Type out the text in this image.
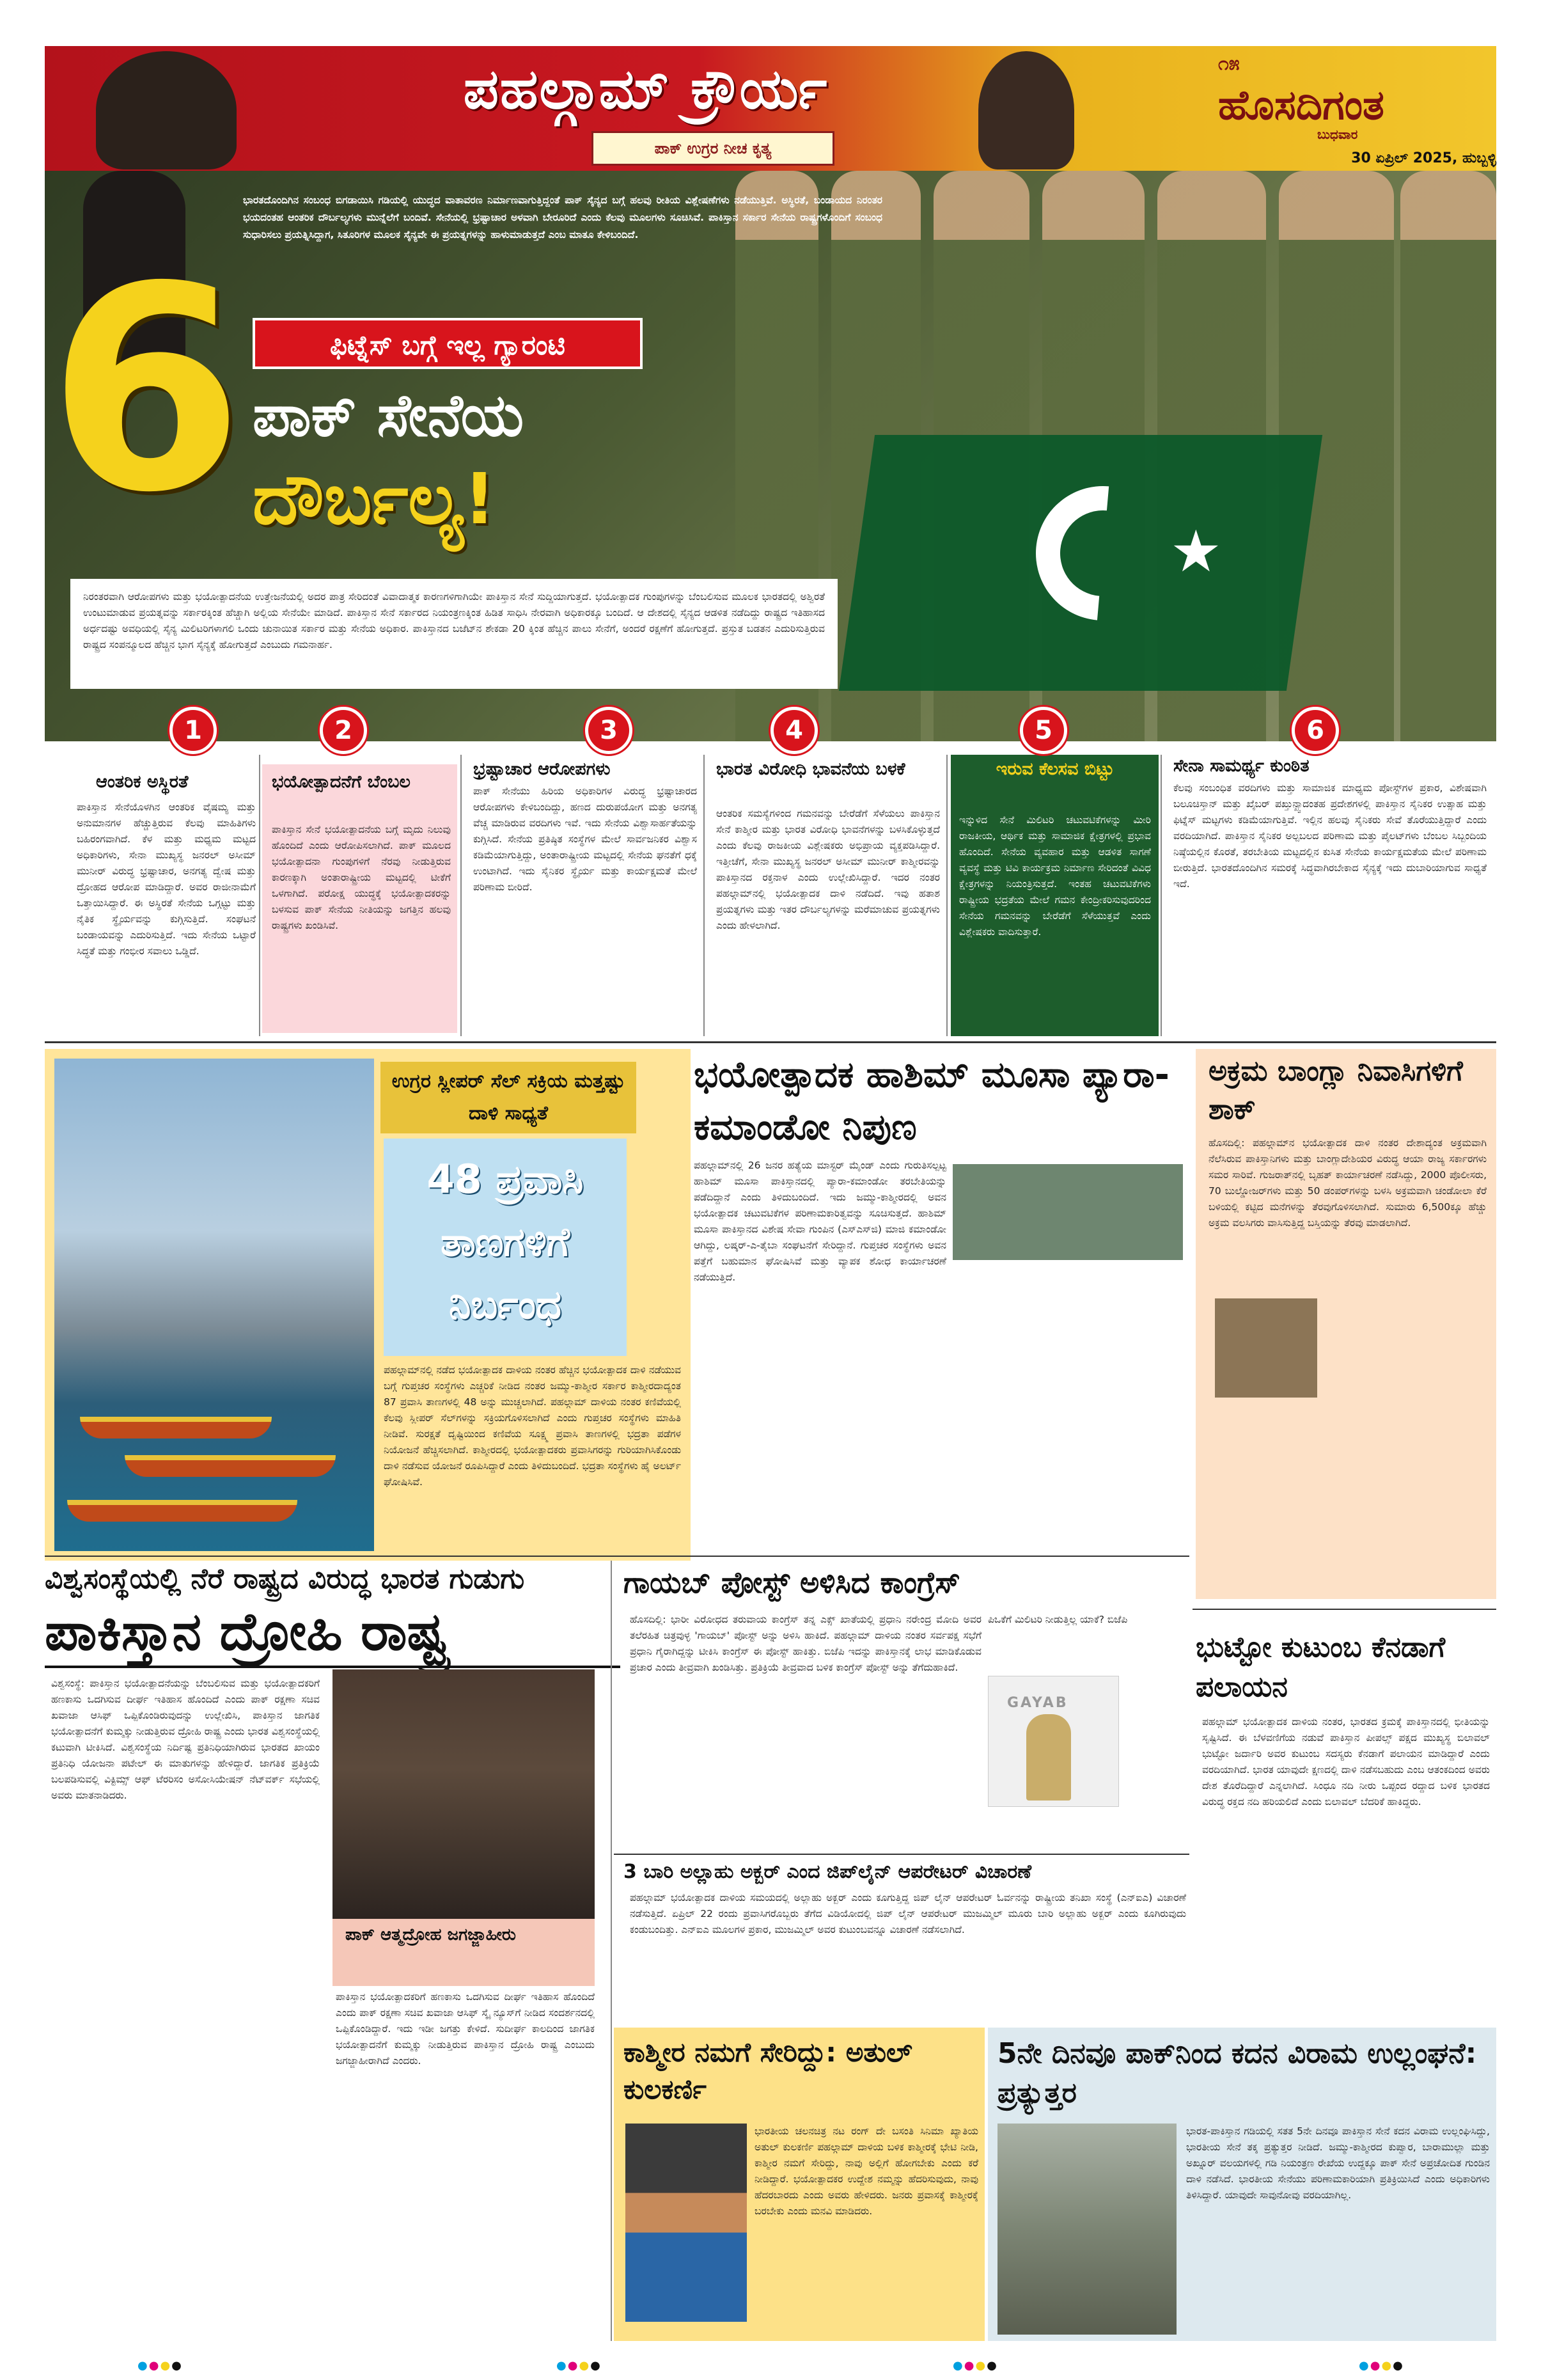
ಪಹಲ್ಗಾಮ್ ಕ್ರೌರ್ಯ
ಪಾಕ್ ಉಗ್ರರ ನೀಚ ಕೃತ್ಯ
೧೫
ಹೊಸದಿಗಂತ
ಬುಧವಾರ
30 ಏಪ್ರಿಲ್ 2025, ಹುಬ್ಬಳ್ಳಿ
★
ಭಾರತದೊಂದಿಗಿನ ಸಂಬಂಧ ಬಿಗಡಾಯಿಸಿ ಗಡಿಯಲ್ಲಿ ಯುದ್ಧದ ವಾತಾವರಣ ನಿರ್ಮಾಣವಾಗುತ್ತಿದ್ದಂತೆ ಪಾಕ್ ಸೈನ್ಯದ ಬಗ್ಗೆ ಹಲವು ರೀತಿಯ ವಿಶ್ಲೇಷಣೆಗಳು ನಡೆಯುತ್ತಿವೆ. ಅಸ್ಥಿರತೆ, ಬಂಡಾಯದ ನಿರಂತರ ಭಯದಂತಹ ಆಂತರಿಕ ದೌರ್ಬಲ್ಯಗಳು ಮುನ್ನೆಲೆಗೆ ಬಂದಿವೆ. ಸೇನೆಯಲ್ಲಿ ಭ್ರಷ್ಟಾಚಾರ ಅಳವಾಗಿ ಬೇರೂರಿದೆ ಎಂದು ಕೆಲವು ಮೂಲಗಳು ಸೂಚಿಸಿವೆ. ಪಾಕಿಸ್ತಾನ ಸರ್ಕಾರ ಸೇನೆಯ ರಾಷ್ಟ್ರಗಳೊಂದಿಗೆ ಸಂಬಂಧ ಸುಧಾರಿಸಲು ಪ್ರಯತ್ನಿಸಿದ್ದಾಗ, ಸಿತೂರಿಗಳ ಮೂಲಕ ಸೈನ್ಯವೇ ಈ ಪ್ರಯತ್ನಗಳನ್ನು ಹಾಳುಮಾಡುತ್ತದೆ ಎಂಬ ಮಾತೂ ಕೇಳಿಬಂದಿದೆ.
6	ಫಿಟ್ನೆಸ್ ಬಗ್ಗೆ ಇಲ್ಲ ಗ್ಯಾರಂಟಿ
ಪಾಕ್ ಸೇನೆಯ
ದೌರ್ಬಲ್ಯ!
ನಿರಂತರವಾಗಿ ಆರೋಪಗಳು ಮತ್ತು ಭಯೋತ್ಪಾದನೆಯ ಉತ್ತೇಜನೆಯಲ್ಲಿ ಅದರ ಪಾತ್ರ ಸೇರಿದಂತೆ ವಿವಾದಾತ್ಮಕ ಕಾರಣಗಳಿಗಾಗಿಯೇ ಪಾಕಿಸ್ತಾನ ಸೇನೆ ಸುದ್ದಿಯಾಗುತ್ತದೆ. ಭಯೋತ್ಪಾದಕ ಗುಂಪುಗಳನ್ನು ಬೆಂಬಲಿಸುವ ಮೂಲಕ ಭಾರತದಲ್ಲಿ ಅಶ್ವಿರತೆ ಉಂಟುಮಾಡುವ ಪ್ರಯತ್ನವನ್ನು ಸರ್ಕಾರಕ್ಕಿಂತ ಹೆಚ್ಚಾಗಿ ಅಲ್ಲಿಯ ಸೇನೆಯೇ ಮಾಡಿದೆ. ಪಾಕಿಸ್ತಾನ ಸೇನೆ ಸರ್ಕಾರದ ನಿಯಂತ್ರಣಕ್ಕಿಂತ ಹಿಡಿತ ಸಾಧಿಸಿ ನೇರವಾಗಿ ಅಧಿಕಾರಕ್ಕೂ ಬಂದಿದೆ. ಆ ದೇಶದಲ್ಲಿ ಸೈನ್ಯದ ಆಡಳಿತ ನಡೆದಿದ್ದು ರಾಷ್ಟ್ರದ ಇತಿಹಾಸದ ಅರ್ಧದಷ್ಟು ಅವಧಿಯಲ್ಲಿ ಸೈನ್ಯ ಮಿಲಿಟರಿಗಳಾಗಲಿ ಒಂದು ಚುನಾಯಿತ ಸರ್ಕಾರ ಮತ್ತು ಸೇನೆಯ ಅಧಿಕಾರ. ಪಾಕಿಸ್ತಾನದ ಬಜೆಟ್‌ನ ಶೇಕಡಾ 20 ಕ್ಕಿಂತ ಹೆಚ್ಚಿನ ಪಾಲು ಸೇನೆಗೆ, ಅಂದರೆ ರಕ್ಷಣೆಗೆ ಹೋಗುತ್ತದೆ. ಪ್ರಸ್ತುತ ಬಡತನ ಎದುರಿಸುತ್ತಿರುವ ರಾಷ್ಟ್ರದ ಸಂಪನ್ಮೂಲದ ಹೆಚ್ಚಿನ ಭಾಗ ಸೈನ್ಯಕ್ಕೆ ಹೋಗುತ್ತದೆ ಎಂಬುದು ಗಮನಾರ್ಹ.
1	2	3	4	5	6
ಆಂತರಿಕ ಅಸ್ಥಿರತೆ
ಪಾಕಿಸ್ತಾನ ಸೇನೆಯೊಳಗಿನ ಆಂತರಿಕ ವೈಷಮ್ಯ ಮತ್ತು ಅನುಮಾನಗಳ ಹೆಚ್ಚುತ್ತಿರುವ ಕೆಲವು ಮಾಹಿತಿಗಳು ಬಹಿರಂಗವಾಗಿದೆ. ಕೆಳ ಮತ್ತು ಮಧ್ಯಮ ಮಟ್ಟದ ಅಧಿಕಾರಿಗಳು, ಸೇನಾ ಮುಖ್ಯಸ್ಥ ಜನರಲ್ ಅಸೀಮ್ ಮುನೀರ್ ವಿರುದ್ಧ ಭ್ರಷ್ಟಾಚಾರ, ಅನಗತ್ಯ ದ್ವೇಷ ಮತ್ತು ದ್ರೋಹದ ಆರೋಪ ಮಾಡಿದ್ದಾರೆ. ಅವರ ರಾಜೀನಾಮೆಗೆ ಒತ್ತಾಯಿಸಿದ್ದಾರೆ. ಈ ಅಸ್ಥಿರತೆ ಸೇನೆಯ ಒಗ್ಗಟ್ಟು ಮತ್ತು ನೈತಿಕ ಸ್ಥೈರ್ಯವನ್ನು ಕುಗ್ಗಿಸುತ್ತಿದೆ. ಸಂಘಟನೆ ಬಂಡಾಯವನ್ನು ಎದುರಿಸುತ್ತಿದೆ. ಇದು ಸೇನೆಯ ಒಟ್ಟಾರೆ ಸಿದ್ಧತೆ ಮತ್ತು ಗಂಭೀರ ಸವಾಲು ಒಡ್ಡಿದೆ.
ಭಯೋತ್ಪಾದನೆಗೆ ಬೆಂಬಲ
ಪಾಕಿಸ್ತಾನ ಸೇನೆ ಭಯೋತ್ಪಾದನೆಯ ಬಗ್ಗೆ ಮೃದು ನಿಲುವು ಹೊಂದಿದೆ ಎಂದು ಆರೋಪಿಸಲಾಗಿದೆ. ಪಾಕ್ ಮೂಲದ ಭಯೋತ್ಪಾದನಾ ಗುಂಪುಗಳಿಗೆ ನೆರವು ನೀಡುತ್ತಿರುವ ಕಾರಣಕ್ಕಾಗಿ ಅಂತಾರಾಷ್ಟ್ರೀಯ ಮಟ್ಟದಲ್ಲಿ ಟೀಕೆಗೆ ಒಳಗಾಗಿದೆ. ಪರೋಕ್ಷ ಯುದ್ಧಕ್ಕೆ ಭಯೋತ್ಪಾದಕರನ್ನು ಬಳಸುವ ಪಾಕ್ ಸೇನೆಯ ನೀತಿಯನ್ನು ಜಗತ್ತಿನ ಹಲವು ರಾಷ್ಟ್ರಗಳು ಖಂಡಿಸಿವೆ.
ಭ್ರಷ್ಟಾಚಾರ ಆರೋಪಗಳು
ಪಾಕ್ ಸೇನೆಯು ಹಿರಿಯ ಅಧಿಕಾರಿಗಳ ವಿರುದ್ಧ ಭ್ರಷ್ಟಾಚಾರದ ಆರೋಪಗಳು ಕೇಳಿಬಂದಿದ್ದು, ಹಣದ ದುರುಪಯೋಗ ಮತ್ತು ಅನಗತ್ಯ ವೆಚ್ಚ ಮಾಡಿರುವ ವರದಿಗಳು ಇವೆ. ಇದು ಸೇನೆಯ ವಿಶ್ವಾಸಾರ್ಹತೆಯನ್ನು ಕುಗ್ಗಿಸಿದೆ. ಸೇನೆಯ ಪ್ರತಿಷ್ಠಿತ ಸಂಸ್ಥೆಗಳ ಮೇಲೆ ಸಾರ್ವಜನಿಕರ ವಿಶ್ವಾಸ ಕಡಿಮೆಯಾಗುತ್ತಿದ್ದು, ಅಂತಾರಾಷ್ಟ್ರೀಯ ಮಟ್ಟದಲ್ಲಿ ಸೇನೆಯ ಘನತೆಗೆ ಧಕ್ಕೆ ಉಂಟಾಗಿದೆ. ಇದು ಸೈನಿಕರ ಸ್ಥೈರ್ಯ ಮತ್ತು ಕಾರ್ಯಕ್ಷಮತೆ ಮೇಲೆ ಪರಿಣಾಮ ಬೀರಿದೆ.
ಭಾರತ ವಿರೋಧಿ ಭಾವನೆಯ ಬಳಕೆ
ಆಂತರಿಕ ಸಮಸ್ಯೆಗಳಿಂದ ಗಮನವನ್ನು ಬೇರೆಡೆಗೆ ಸೆಳೆಯಲು ಪಾಕಿಸ್ತಾನ ಸೇನೆ ಕಾಶ್ಮೀರ ಮತ್ತು ಭಾರತ ವಿರೋಧಿ ಭಾವನೆಗಳನ್ನು ಬಳಸಿಕೊಳ್ಳುತ್ತದೆ ಎಂದು ಕೆಲವು ರಾಜಕೀಯ ವಿಶ್ಲೇಷಕರು ಅಭಿಪ್ರಾಯ ವ್ಯಕ್ತಪಡಿಸಿದ್ದಾರೆ. ಇತ್ತೀಚೆಗೆ, ಸೇನಾ ಮುಖ್ಯಸ್ಥ ಜನರಲ್ ಅಸೀಮ್ ಮುನೀರ್ ಕಾಶ್ಮೀರವನ್ನು ಪಾಕಿಸ್ತಾನದ ರಕ್ತನಾಳ ಎಂದು ಉಲ್ಲೇಖಿಸಿದ್ದಾರೆ. ಇದರ ನಂತರ ಪಹಲ್ಗಾಮ್‌ನಲ್ಲಿ ಭಯೋತ್ಪಾದಕ ದಾಳಿ ನಡೆದಿದೆ. ಇವು ಹತಾಶ ಪ್ರಯತ್ನಗಳು ಮತ್ತು ಇತರ ದೌರ್ಬಲ್ಯಗಳನ್ನು ಮರೆಮಾಚುವ ಪ್ರಯತ್ನಗಳು ಎಂದು ಹೇಳಲಾಗಿದೆ.
ಇರುವ ಕೆಲಸವ ಬಿಟ್ಟು
ಇನ್ನುಳಿದ ಸೇನೆ ಮಿಲಿಟರಿ ಚಟುವಟಿಕೆಗಳನ್ನು ಮೀರಿ ರಾಜಕೀಯ, ಆರ್ಥಿಕ ಮತ್ತು ಸಾಮಾಜಿಕ ಕ್ಷೇತ್ರಗಳಲ್ಲಿ ಪ್ರಭಾವ ಹೊಂದಿದೆ. ಸೇನೆಯ ವ್ಯವಹಾರ ಮತ್ತು ಆಡಳಿತ ಸಾಗಣೆ ವ್ಯವಸ್ಥೆ ಮತ್ತು ಟಿವಿ ಕಾರ್ಯಕ್ರಮ ನಿರ್ಮಾಣ ಸೇರಿದಂತೆ ವಿವಿಧ ಕ್ಷೇತ್ರಗಳನ್ನು ನಿಯಂತ್ರಿಸುತ್ತದೆ. ಇಂತಹ ಚಟುವಟಿಕೆಗಳು ರಾಷ್ಟ್ರೀಯ ಭದ್ರತೆಯ ಮೇಲೆ ಗಮನ ಕೇಂದ್ರೀಕರಿಸುವುದರಿಂದ ಸೇನೆಯ ಗಮನವನ್ನು ಬೇರೆಡೆಗೆ ಸೆಳೆಯುತ್ತವೆ ಎಂದು ವಿಶ್ಲೇಷಕರು ವಾದಿಸುತ್ತಾರೆ.
ಸೇನಾ ಸಾಮರ್ಥ್ಯ ಕುಂಠಿತ
ಕೆಲವು ಸಂಬಂಧಿತ ವರದಿಗಳು ಮತ್ತು ಸಾಮಾಜಿಕ ಮಾಧ್ಯಮ ಪೋಸ್ಟ್‌ಗಳ ಪ್ರಕಾರ, ವಿಶೇಷವಾಗಿ ಬಲೂಚಿಸ್ತಾನ್ ಮತ್ತು ಖೈಬರ್ ಪಖ್ತುನ್ಖ್ವಾದಂತಹ ಪ್ರದೇಶಗಳಲ್ಲಿ ಪಾಕಿಸ್ತಾನ ಸೈನಿಕರ ಉತ್ಸಾಹ ಮತ್ತು ಫಿಟ್ನೆಸ್ ಮಟ್ಟಗಳು ಕಡಿಮೆಯಾಗುತ್ತಿವೆ. ಇಲ್ಲಿನ ಹಲವು ಸೈನಿಕರು ಸೇವೆ ತೊರೆಯುತ್ತಿದ್ದಾರೆ ಎಂದು ವರದಿಯಾಗಿದೆ. ಪಾಕಿಸ್ತಾನ ಸೈನಿಕರ ಅಲ್ಪಬಲದ ಪರಿಣಾಮ ಮತ್ತು ಪೈಲಟ್‌ಗಳು ಬೆಂಬಲ ಸಿಬ್ಬಂದಿಯ ನಿಷ್ಠೆಯಲ್ಲಿನ ಕೊರತೆ, ತರಬೇತಿಯ ಮಟ್ಟದಲ್ಲಿನ ಕುಸಿತ ಸೇನೆಯ ಕಾರ್ಯಕ್ಷಮತೆಯ ಮೇಲೆ ಪರಿಣಾಮ ಬೀರುತ್ತಿದೆ. ಭಾರತದೊಂದಿಗಿನ ಸಮರಕ್ಕೆ ಸಿದ್ಧವಾಗಿರಬೇಕಾದ ಸೈನ್ಯಕ್ಕೆ ಇದು ದುಬಾರಿಯಾಗುವ ಸಾಧ್ಯತೆ ಇದೆ.
ಉಗ್ರರ ಸ್ಲೀಪರ್ ಸೆಲ್ ಸಕ್ರಿಯ ಮತ್ತಷ್ಟು ದಾಳಿ ಸಾಧ್ಯತೆ
48 ಪ್ರವಾಸಿ ತಾಣಗಳಿಗೆ ನಿರ್ಬಂಧ
ಪಹಲ್ಗಾಮ್‌ನಲ್ಲಿ ನಡೆದ ಭಯೋತ್ಪಾದಕ ದಾಳಿಯ ನಂತರ ಹೆಚ್ಚಿನ ಭಯೋತ್ಪಾದಕ ದಾಳಿ ನಡೆಯುವ ಬಗ್ಗೆ ಗುಪ್ತಚರ ಸಂಸ್ಥೆಗಳು ಎಚ್ಚರಿಕೆ ನೀಡಿದ ನಂತರ ಜಮ್ಮು-ಕಾಶ್ಮೀರ ಸರ್ಕಾರ ಕಾಶ್ಮೀರದಾದ್ಯಂತ 87 ಪ್ರವಾಸಿ ತಾಣಗಳಲ್ಲಿ 48 ಅನ್ನು ಮುಚ್ಚಲಾಗಿದೆ. ಪಹಲ್ಗಾಮ್ ದಾಳಿಯ ನಂತರ ಕಣಿವೆಯಲ್ಲಿ ಕೆಲವು ಸ್ಲೀಪರ್ ಸೆಲ್‌ಗಳನ್ನು ಸಕ್ರಿಯಗೊಳಿಸಲಾಗಿದೆ ಎಂದು ಗುಪ್ತಚರ ಸಂಸ್ಥೆಗಳು ಮಾಹಿತಿ ನೀಡಿವೆ. ಸುರಕ್ಷತೆ ದೃಷ್ಟಿಯಿಂದ ಕಣಿವೆಯ ಸೂಕ್ಷ್ಮ ಪ್ರವಾಸಿ ತಾಣಗಳಲ್ಲಿ ಭದ್ರತಾ ಪಡೆಗಳ ನಿಯೋಜನೆ ಹೆಚ್ಚಿಸಲಾಗಿದೆ. ಕಾಶ್ಮೀರದಲ್ಲಿ ಭಯೋತ್ಪಾದಕರು ಪ್ರವಾಸಿಗರನ್ನು ಗುರಿಯಾಗಿಸಿಕೊಂಡು ದಾಳಿ ನಡೆಸುವ ಯೋಜನೆ ರೂಪಿಸಿದ್ದಾರೆ ಎಂದು ತಿಳಿದುಬಂದಿದೆ. ಭದ್ರತಾ ಸಂಸ್ಥೆಗಳು ಹೈ ಅಲರ್ಟ್ ಘೋಷಿಸಿವೆ.
ಭಯೋತ್ಪಾದಕ ಹಾಶಿಮ್ ಮೂಸಾ ಪ್ಯಾರಾ-ಕಮಾಂಡೋ ನಿಪುಣ
ಪಹಲ್ಗಾಮ್‌ನಲ್ಲಿ 26 ಜನರ ಹತ್ಯೆಯ ಮಾಸ್ಟರ್ ಮೈಂಡ್ ಎಂದು ಗುರುತಿಸಲ್ಪಟ್ಟ ಹಾಶಿಮ್ ಮೂಸಾ ಪಾಕಿಸ್ತಾನದಲ್ಲಿ ಪ್ಯಾರಾ-ಕಮಾಂಡೋ ತರಬೇತಿಯನ್ನು ಪಡೆದಿದ್ದಾನೆ ಎಂದು ತಿಳಿದುಬಂದಿದೆ. ಇದು ಜಮ್ಮು-ಕಾಶ್ಮೀರದಲ್ಲಿ ಅವನ ಭಯೋತ್ಪಾದಕ ಚಟುವಟಿಕೆಗಳ ಪರಿಣಾಮಕಾರಿತ್ವವನ್ನು ಸೂಚಿಸುತ್ತದೆ. ಹಾಶಿಮ್ ಮೂಸಾ ಪಾಕಿಸ್ತಾನದ ವಿಶೇಷ ಸೇವಾ ಗುಂಪಿನ (ಎಸ್‌ಎಸ್‌ಜಿ) ಮಾಜಿ ಕಮಾಂಡೋ ಆಗಿದ್ದು, ಲಷ್ಕರ್-ಎ-ತೈಬಾ ಸಂಘಟನೆಗೆ ಸೇರಿದ್ದಾನೆ. ಗುಪ್ತಚರ ಸಂಸ್ಥೆಗಳು ಅವನ ಪತ್ತೆಗೆ ಬಹುಮಾನ ಘೋಷಿಸಿವೆ ಮತ್ತು ವ್ಯಾಪಕ ಶೋಧ ಕಾರ್ಯಾಚರಣೆ ನಡೆಯುತ್ತಿದೆ.
ಅಕ್ರಮ ಬಾಂಗ್ಲಾ ನಿವಾಸಿಗಳಿಗೆ ಶಾಕ್
ಹೊಸದಿಲ್ಲಿ: ಪಹಲ್ಗಾಮ್‌ನ ಭಯೋತ್ಪಾದಕ ದಾಳಿ ನಂತರ ದೇಶಾದ್ಯಂತ ಅಕ್ರಮವಾಗಿ ನೆಲೆಸಿರುವ ಪಾಕಿಸ್ತಾನಿಗಳು ಮತ್ತು ಬಾಂಗ್ಲಾದೇಶಿಯರ ವಿರುದ್ಧ ಆಯಾ ರಾಜ್ಯ ಸರ್ಕಾರಗಳು ಸಮರ ಸಾರಿವೆ. ಗುಜರಾತ್‌ನಲ್ಲಿ ಬೃಹತ್ ಕಾರ್ಯಾಚರಣೆ ನಡೆಸಿದ್ದು, 2000 ಪೊಲೀಸರು, 70 ಬುಲ್ಡೋಜರ್‌ಗಳು ಮತ್ತು 50 ಡಂಪರ್‌ಗಳನ್ನು ಬಳಸಿ ಅಕ್ರಮವಾಗಿ ಚಂಡೋಲಾ ಕೆರೆ ಬಳಿಯಲ್ಲಿ ಕಟ್ಟಿದ ಮನೆಗಳನ್ನು ತೆರವುಗೊಳಿಸಲಾಗಿದೆ. ಸುಮಾರು 6,500ಕ್ಕೂ ಹೆಚ್ಚು ಅಕ್ರಮ ವಲಸಿಗರು ವಾಸಿಸುತ್ತಿದ್ದ ಬಸ್ತಿಯನ್ನು ತೆರವು ಮಾಡಲಾಗಿದೆ.
ವಿಶ್ವಸಂಸ್ಥೆಯಲ್ಲಿ ನೆರೆ ರಾಷ್ಟ್ರದ ವಿರುದ್ಧ ಭಾರತ ಗುಡುಗು
ಪಾಕಿಸ್ತಾನ ದ್ರೋಹಿ ರಾಷ್ಟ್ರ
ವಿಶ್ವಸಂಸ್ಥೆ: ಪಾಕಿಸ್ತಾನ ಭಯೋತ್ಪಾದನೆಯನ್ನು ಬೆಂಬಲಿಸುವ ಮತ್ತು ಭಯೋತ್ಪಾದಕರಿಗೆ ಹಣಕಾಸು ಒದಗಿಸುವ ದೀರ್ಘ ಇತಿಹಾಸ ಹೊಂದಿದೆ ಎಂದು ಪಾಕ್ ರಕ್ಷಣಾ ಸಚಿವ ಖವಾಜಾ ಆಸಿಫ್ ಒಪ್ಪಿಕೊಂಡಿರುವುದನ್ನು ಉಲ್ಲೇಖಿಸಿ, ಪಾಕಿಸ್ತಾನ ಜಾಗತಿಕ ಭಯೋತ್ಪಾದನೆಗೆ ಕುಮ್ಮಕ್ಕು ನೀಡುತ್ತಿರುವ ದ್ರೋಹಿ ರಾಷ್ಟ್ರ ಎಂದು ಭಾರತ ವಿಶ್ವಸಂಸ್ಥೆಯಲ್ಲಿ ಕಟುವಾಗಿ ಟೀಕಿಸಿದೆ. ವಿಶ್ವಸಂಸ್ಥೆಯ ನಿರ್ದಿಷ್ಟ ಪ್ರತಿನಿಧಿಯಾಗಿರುವ ಭಾರತದ ಖಾಯಂ ಪ್ರತಿನಿಧಿ ಯೋಜನಾ ಪಟೇಲ್ ಈ ಮಾತುಗಳನ್ನು ಹೇಳಿದ್ದಾರೆ. ಜಾಗತಿಕ ಪ್ರತಿಕ್ರಿಯೆ ಬಲಪಡಿಸುವಲ್ಲಿ ವಿಕ್ಟಿಮ್ಸ್ ಆಫ್ ಟೆರರಿಸಂ ಅಸೋಸಿಯೇಷನ್ ನೆಟ್‌ವರ್ಕ್ ಸಭೆಯಲ್ಲಿ ಅವರು ಮಾತನಾಡಿದರು.
ಪಾಕ್ ಆತ್ಮದ್ರೋಹ ಜಗಜ್ಜಾಹೀರು
ಪಾಕಿಸ್ತಾನ ಭಯೋತ್ಪಾದಕರಿಗೆ ಹಣಕಾಸು ಒದಗಿಸುವ ದೀರ್ಘ ಇತಿಹಾಸ ಹೊಂದಿದೆ ಎಂದು ಪಾಕ್ ರಕ್ಷಣಾ ಸಚಿವ ಖವಾಜಾ ಆಸಿಫ್ ಸ್ಕೈ ನ್ಯೂಸ್‌ಗೆ ನೀಡಿದ ಸಂದರ್ಶನದಲ್ಲಿ ಒಪ್ಪಿಕೊಂಡಿದ್ದಾರೆ. ಇದು ಇಡೀ ಜಗತ್ತು ಕೇಳಿದೆ. ಸುದೀರ್ಘ ಕಾಲದಿಂದ ಜಾಗತಿಕ ಭಯೋತ್ಪಾದನೆಗೆ ಕುಮ್ಮಕ್ಕು ನೀಡುತ್ತಿರುವ ಪಾಕಿಸ್ತಾನ ದ್ರೋಹಿ ರಾಷ್ಟ್ರ ಎಂಬುದು ಜಗಜ್ಜಾಹೀರಾಗಿದೆ ಎಂದರು.
ಗಾಯಬ್ ಪೋಸ್ಟ್ ಅಳಿಸಿದ ಕಾಂಗ್ರೆಸ್
ಹೊಸದಿಲ್ಲಿ: ಭಾರೀ ವಿರೋಧದ ತರುವಾಯ ಕಾಂಗ್ರೆಸ್ ತನ್ನ ಎಕ್ಸ್ ಖಾತೆಯಲ್ಲಿ ಪ್ರಧಾನಿ ನರೇಂದ್ರ ಮೋದಿ ಅವರ ತಲೆರಹಿತ ಚಿತ್ರವುಳ್ಳ 'ಗಾಯಬ್' ಪೋಸ್ಟ್ ಅನ್ನು ಅಳಿಸಿ ಹಾಕಿದೆ. ಪಹಲ್ಗಾಮ್ ದಾಳಿಯ ನಂತರ ಸರ್ವಪಕ್ಷ ಸಭೆಗೆ ಪ್ರಧಾನಿ ಗೈರಾಗಿದ್ದನ್ನು ಟೀಕಿಸಿ ಕಾಂಗ್ರೆಸ್ ಈ ಪೋಸ್ಟ್ ಹಾಕಿತ್ತು. ಬಿಜೆಪಿ ಇದನ್ನು ಪಾಕಿಸ್ತಾನಕ್ಕೆ ಲಾಭ ಮಾಡಿಕೊಡುವ ಪ್ರಚಾರ ಎಂದು ತೀವ್ರವಾಗಿ ಖಂಡಿಸಿತ್ತು. ಪ್ರತಿಕ್ರಿಯೆ ತೀವ್ರವಾದ ಬಳಿಕ ಕಾಂಗ್ರೆಸ್ ಪೋಸ್ಟ್ ಅನ್ನು ತೆಗೆದುಹಾಕಿದೆ.
GAYAB
ಪಿಒಕೆಗೆ ಮಿಲಿಟರಿ ನೀಡುತ್ತಿಲ್ಲ ಯಾಕೆ? ಬಿಜೆಪಿ
3 ಬಾರಿ ಅಲ್ಲಾಹು ಅಕ್ಬರ್ ಎಂದ ಜಿಪ್‌ಲೈನ್ ಆಪರೇಟರ್ ವಿಚಾರಣೆ
ಪಹಲ್ಗಾಮ್ ಭಯೋತ್ಪಾದಕ ದಾಳಿಯ ಸಮಯದಲ್ಲಿ ಅಲ್ಲಾಹು ಅಕ್ಬರ್ ಎಂದು ಕೂಗುತ್ತಿದ್ದ ಜಿಪ್ ಲೈನ್ ಆಪರೇಟರ್ ಓರ್ವನನ್ನು ರಾಷ್ಟ್ರೀಯ ತನಿಖಾ ಸಂಸ್ಥೆ (ಎನ್‌ಐಎ) ವಿಚಾರಣೆ ನಡೆಸುತ್ತಿದೆ. ಏಪ್ರಿಲ್ 22 ರಂದು ಪ್ರವಾಸಿಗರೊಬ್ಬರು ತೆಗೆದ ವಿಡಿಯೋದಲ್ಲಿ ಜಿಪ್ ಲೈನ್ ಆಪರೇಟರ್ ಮುಜಮ್ಮಿಲ್ ಮೂರು ಬಾರಿ ಅಲ್ಲಾಹು ಅಕ್ಬರ್ ಎಂದು ಕೂಗಿರುವುದು ಕಂಡುಬಂದಿತ್ತು. ಎನ್‌ಐಎ ಮೂಲಗಳ ಪ್ರಕಾರ, ಮುಜಮ್ಮಿಲ್ ಅವರ ಕುಟುಂಬವನ್ನೂ ವಿಚಾರಣೆ ನಡೆಸಲಾಗಿದೆ.
ಭುಟ್ಟೋ ಕುಟುಂಬ ಕೆನಡಾಗೆ ಪಲಾಯನ
ಪಹಲ್ಗಾಮ್ ಭಯೋತ್ಪಾದಕ ದಾಳಿಯ ನಂತರ, ಭಾರತದ ಕ್ರಮಕ್ಕೆ ಪಾಕಿಸ್ತಾನದಲ್ಲಿ ಭೀತಿಯನ್ನು ಸೃಷ್ಟಿಸಿದೆ. ಈ ಬೆಳವಣಿಗೆಯ ನಡುವೆ ಪಾಕಿಸ್ತಾನ ಪೀಪಲ್ಸ್ ಪಕ್ಷದ ಮುಖ್ಯಸ್ಥ ಬಿಲಾವಲ್ ಭುಟ್ಟೋ ಜರ್ದಾರಿ ಅವರ ಕುಟುಂಬ ಸದಸ್ಯರು ಕೆನಡಾಗೆ ಪಲಾಯನ ಮಾಡಿದ್ದಾರೆ ಎಂದು ವರದಿಯಾಗಿದೆ. ಭಾರತ ಯಾವುದೇ ಕ್ಷಣದಲ್ಲಿ ದಾಳಿ ನಡೆಸಬಹುದು ಎಂಬ ಆತಂಕದಿಂದ ಅವರು ದೇಶ ತೊರೆದಿದ್ದಾರೆ ಎನ್ನಲಾಗಿದೆ. ಸಿಂಧೂ ನದಿ ನೀರು ಒಪ್ಪಂದ ರದ್ದಾದ ಬಳಿಕ ಭಾರತದ ವಿರುದ್ಧ ರಕ್ತದ ನದಿ ಹರಿಯಲಿದೆ ಎಂದು ಬಿಲಾವಲ್ ಬೆದರಿಕೆ ಹಾಕಿದ್ದರು.
ಕಾಶ್ಮೀರ ನಮಗೆ ಸೇರಿದ್ದು: ಅತುಲ್ ಕುಲಕರ್ಣಿ
ಭಾರತೀಯ ಚಲನಚಿತ್ರ ನಟ ರಂಗ್ ದೇ ಬಸಂತಿ ಸಿನಿಮಾ ಖ್ಯಾತಿಯ ಅತುಲ್ ಕುಲಕರ್ಣಿ ಪಹಲ್ಗಾಮ್ ದಾಳಿಯ ಬಳಿಕ ಕಾಶ್ಮೀರಕ್ಕೆ ಭೇಟಿ ನೀಡಿ, ಕಾಶ್ಮೀರ ನಮಗೆ ಸೇರಿದ್ದು, ನಾವು ಅಲ್ಲಿಗೆ ಹೋಗಬೇಕು ಎಂದು ಕರೆ ನೀಡಿದ್ದಾರೆ. ಭಯೋತ್ಪಾದಕರ ಉದ್ದೇಶ ನಮ್ಮನ್ನು ಹೆದರಿಸುವುದು, ನಾವು ಹೆದರಬಾರದು ಎಂದು ಅವರು ಹೇಳಿದರು. ಜನರು ಪ್ರವಾಸಕ್ಕೆ ಕಾಶ್ಮೀರಕ್ಕೆ ಬರಬೇಕು ಎಂದು ಮನವಿ ಮಾಡಿದರು.
5ನೇ ದಿನವೂ ಪಾಕ್‌ನಿಂದ ಕದನ ವಿರಾಮ ಉಲ್ಲಂಘನೆ: ಪ್ರತ್ಯುತ್ತರ
ಭಾರತ-ಪಾಕಿಸ್ತಾನ ಗಡಿಯಲ್ಲಿ ಸತತ 5ನೇ ದಿನವೂ ಪಾಕಿಸ್ತಾನ ಸೇನೆ ಕದನ ವಿರಾಮ ಉಲ್ಲಂಘಿಸಿದ್ದು, ಭಾರತೀಯ ಸೇನೆ ತಕ್ಕ ಪ್ರತ್ಯುತ್ತರ ನೀಡಿದೆ. ಜಮ್ಮು-ಕಾಶ್ಮೀರದ ಕುಪ್ವಾರ, ಬಾರಾಮುಲ್ಲಾ ಮತ್ತು ಅಖ್ನೂರ್ ವಲಯಗಳಲ್ಲಿ ಗಡಿ ನಿಯಂತ್ರಣ ರೇಖೆಯ ಉದ್ದಕ್ಕೂ ಪಾಕ್ ಸೇನೆ ಅಪ್ರಚೋದಿತ ಗುಂಡಿನ ದಾಳಿ ನಡೆಸಿದೆ. ಭಾರತೀಯ ಸೇನೆಯು ಪರಿಣಾಮಕಾರಿಯಾಗಿ ಪ್ರತಿಕ್ರಿಯಿಸಿದೆ ಎಂದು ಅಧಿಕಾರಿಗಳು ತಿಳಿಸಿದ್ದಾರೆ. ಯಾವುದೇ ಸಾವುನೋವು ವರದಿಯಾಗಿಲ್ಲ.
●●●●	●●●●	●●●●	●●●●
